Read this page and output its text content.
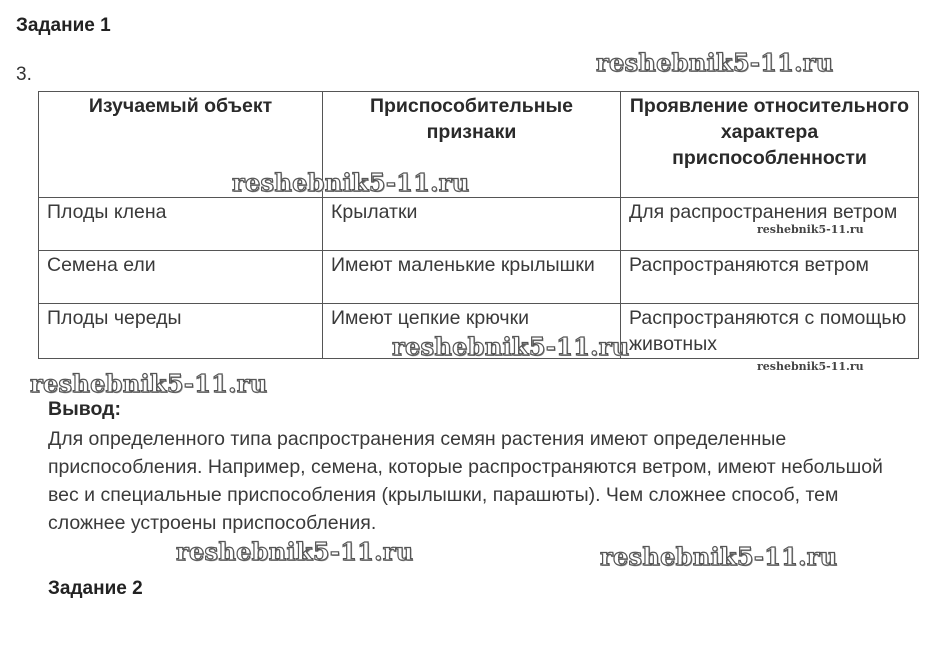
Задание 1
3.
Изучаемый объект	Приспособительные признаки	Проявление относительного характера приспособленности
Плоды клена	Крылатки	Для распространения ветром
Семена ели	Имеют маленькие крылышки	Распространяются ветром
Плоды череды	Имеют цепкие крючки	Распространяются с помощью животных
Вывод:
Для определенного типа распространения семян растения имеют определенные приспособления. Например, семена, которые распространяются ветром, имеют небольшой вес и специальные приспособления (крылышки, парашюты). Чем сложнее способ, тем сложнее устроены приспособления.
Задание 2
reshebnik5-11.ru
reshebnik5-11.ru
reshebnik5-11.ru
reshebnik5-11.ru
reshebnik5-11.ru
reshebnik5-11.ru
reshebnik5-11.ru	reshebnik5-11.ru
